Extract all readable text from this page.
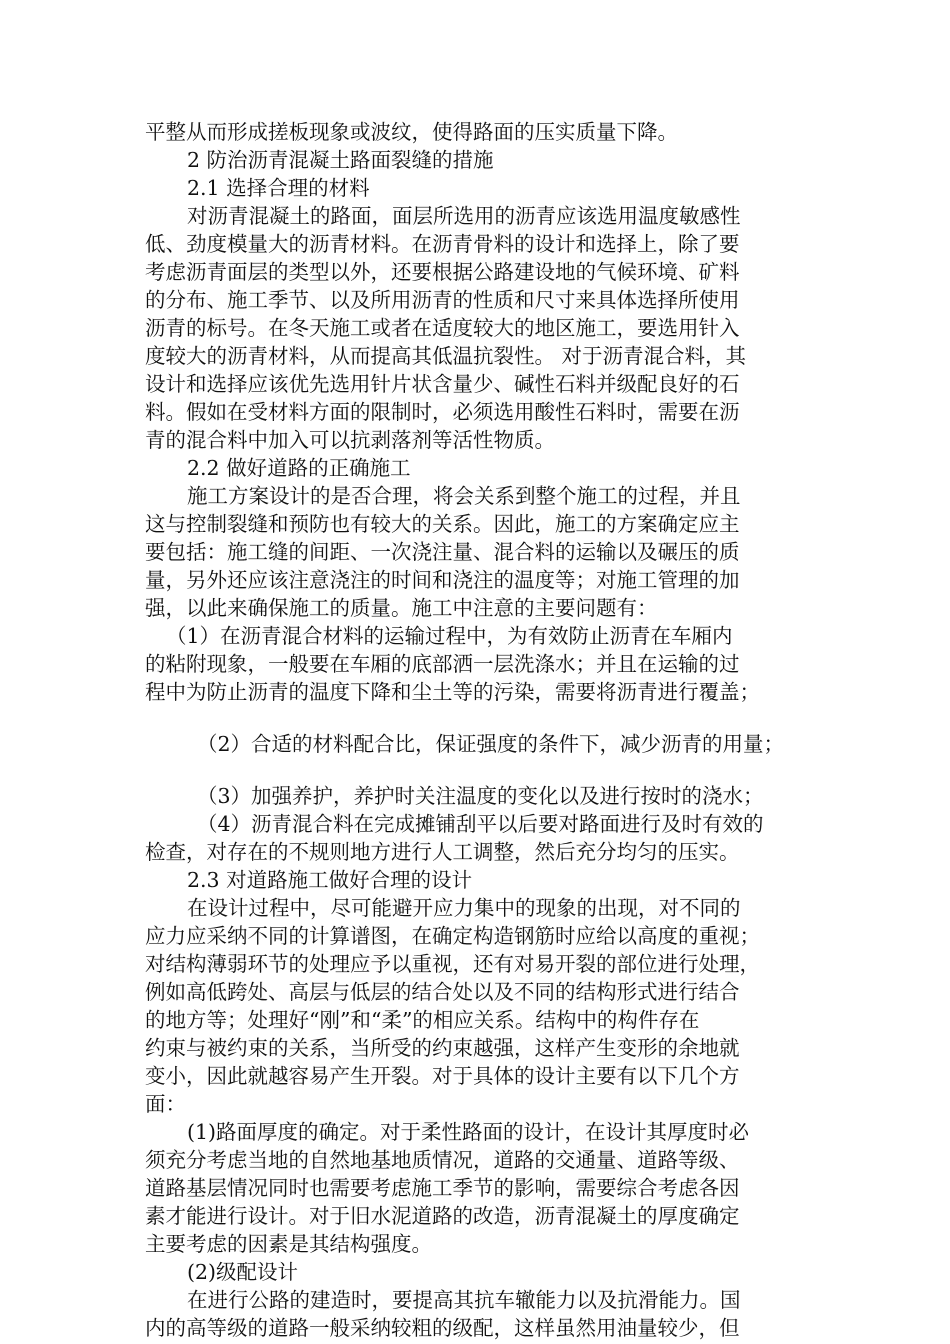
平整从而形成搓板现象或波纹，使得路面的压实质量下降。
2 防治沥青混凝土路面裂缝的措施
2.1 选择合理的材料
对沥青混凝土的路面，面层所选用的沥青应该选用温度敏感性
低、劲度模量大的沥青材料。在沥青骨料的设计和选择上，除了要
考虑沥青面层的类型以外，还要根据公路建设地的气候环境、矿料
的分布、施工季节、以及所用沥青的性质和尺寸来具体选择所使用
沥青的标号。在冬天施工或者在适度较大的地区施工，要选用针入
度较大的沥青材料，从而提高其低温抗裂性。 对于沥青混合料，其
设计和选择应该优先选用针片状含量少、碱性石料并级配良好的石
料。假如在受材料方面的限制时，必须选用酸性石料时，需要在沥
青的混合料中加入可以抗剥落剂等活性物质。
2.2 做好道路的正确施工
施工方案设计的是否合理，将会关系到整个施工的过程，并且
这与控制裂缝和预防也有较大的关系。因此，施工的方案确定应主
要包括：施工缝的间距、一次浇注量、混合料的运输以及碾压的质
量，另外还应该注意浇注的时间和浇注的温度等；对施工管理的加
强，以此来确保施工的质量。施工中注意的主要问题有：
（1）在沥青混合材料的运输过程中，为有效防止沥青在车厢内
的粘附现象，一般要在车厢的底部洒一层洗涤水；并且在运输的过
程中为防止沥青的温度下降和尘土等的污染，需要将沥青进行覆盖；
（2）合适的材料配合比，保证强度的条件下，减少沥青的用量；
（3）加强养护，养护时关注温度的变化以及进行按时的浇水；
（4）沥青混合料在完成摊铺刮平以后要对路面进行及时有效的
检查，对存在的不规则地方进行人工调整，然后充分均匀的压实。
2.3 对道路施工做好合理的设计
在设计过程中，尽可能避开应力集中的现象的出现，对不同的
应力应采纳不同的计算谱图，在确定构造钢筋时应给以高度的重视；
对结构薄弱环节的处理应予以重视，还有对易开裂的部位进行处理，
例如高低跨处、高层与低层的结合处以及不同的结构形式进行结合
的地方等；处理好“刚”和“柔”的相应关系。结构中的构件存在
约束与被约束的关系，当所受的约束越强，这样产生变形的余地就
变小，因此就越容易产生开裂。对于具体的设计主要有以下几个方
面：
(1)路面厚度的确定。对于柔性路面的设计，在设计其厚度时必
须充分考虑当地的自然地基地质情况，道路的交通量、道路等级、
道路基层情况同时也需要考虑施工季节的影响，需要综合考虑各因
素才能进行设计。对于旧水泥道路的改造，沥青混凝土的厚度确定
主要考虑的因素是其结构强度。
(2)级配设计
在进行公路的建造时，要提高其抗车辙能力以及抗滑能力。国
内的高等级的道路一般采纳较粗的级配，这样虽然用油量较少，但
